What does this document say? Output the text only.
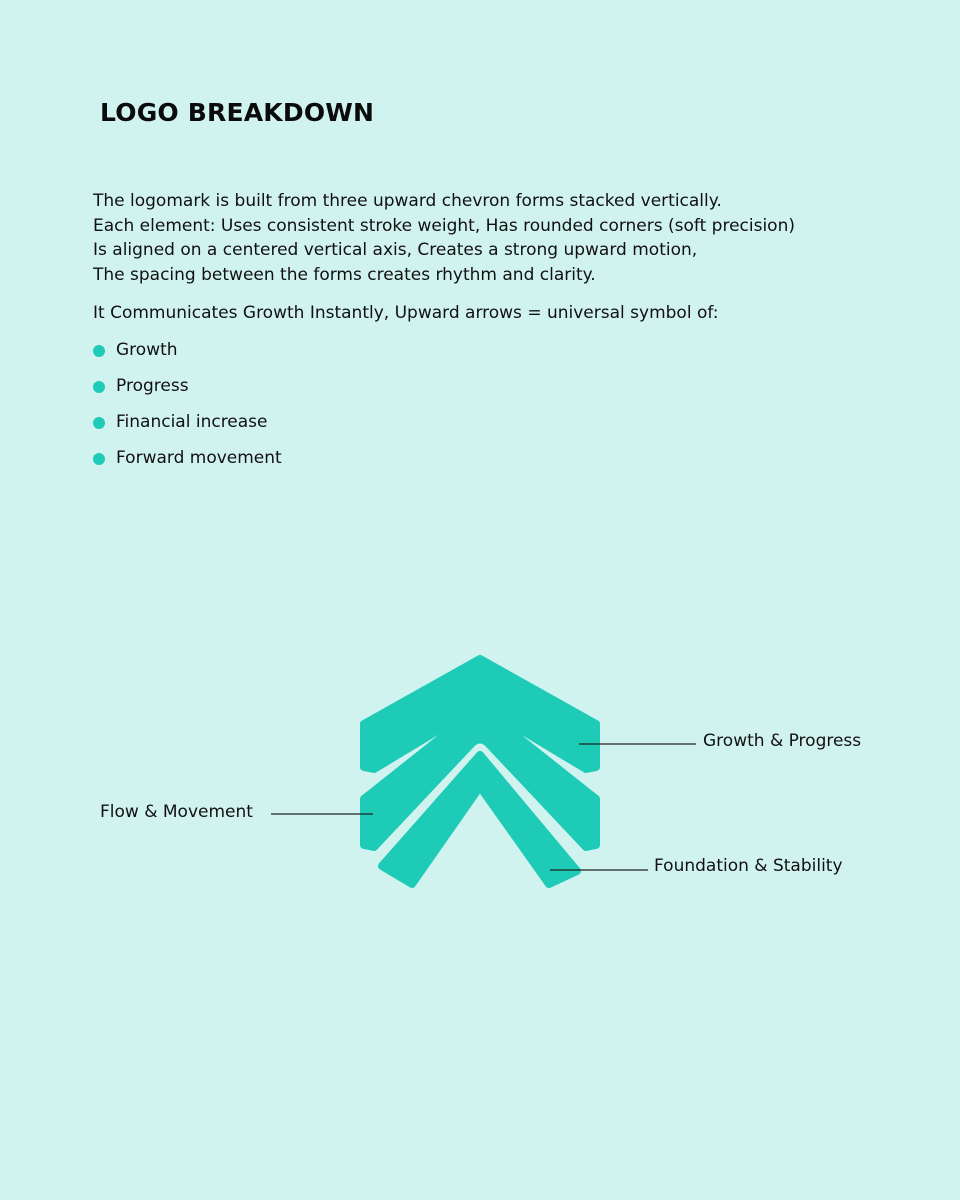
LOGO BREAKDOWN
The logomark is built from three upward chevron forms stacked vertically.
Each element: Uses consistent stroke weight, Has rounded corners (soft precision)
Is aligned on a centered vertical axis, Creates a strong upward motion,
The spacing between the forms creates rhythm and clarity.
It Communicates Growth Instantly, Upward arrows = universal symbol of:
Growth
Progress
Financial increase
Forward movement
Growth & Progress
Flow & Movement
Foundation & Stability
